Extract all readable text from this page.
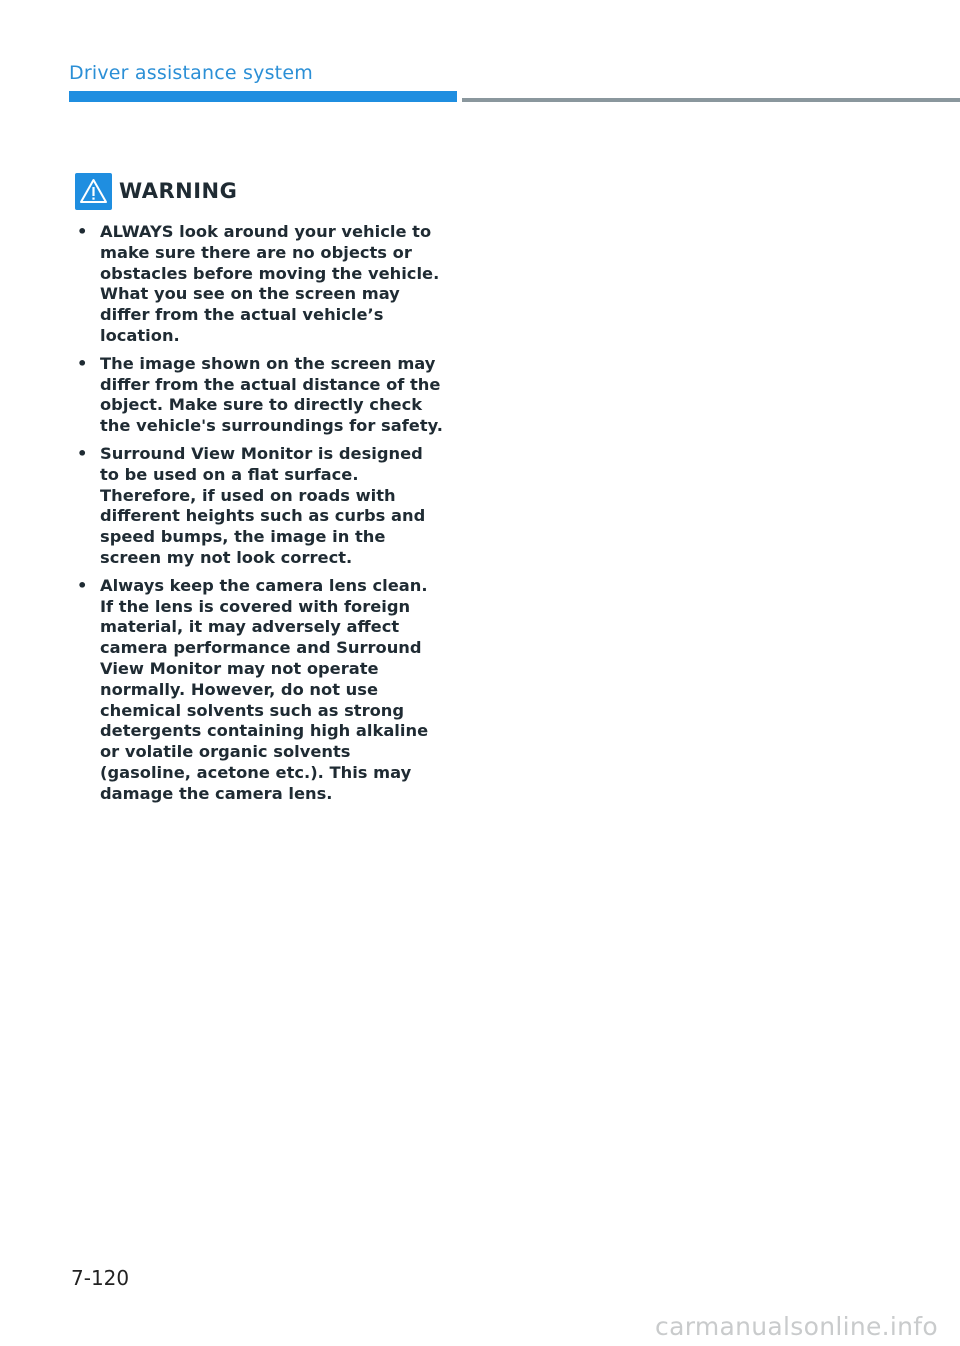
Driver assistance system
WARNING
• ALWAYS look around your vehicle to make sure there are no objects or obstacles before moving the vehicle. What you see on the screen may differ from the actual vehicle’s location.
• The image shown on the screen may differ from the actual distance of the object. Make sure to directly check the vehicle's surroundings for safety.
• Surround View Monitor is designed to be used on a flat surface. Therefore, if used on roads with different heights such as curbs and speed bumps, the image in the screen my not look correct.
• Always keep the camera lens clean. If the lens is covered with foreign material, it may adversely affect camera performance and Surround View Monitor may not operate normally. However, do not use chemical solvents such as strong detergents containing high alkaline or volatile organic solvents (gasoline, acetone etc.). This may damage the camera lens.
7-120
carmanualsonline.info
